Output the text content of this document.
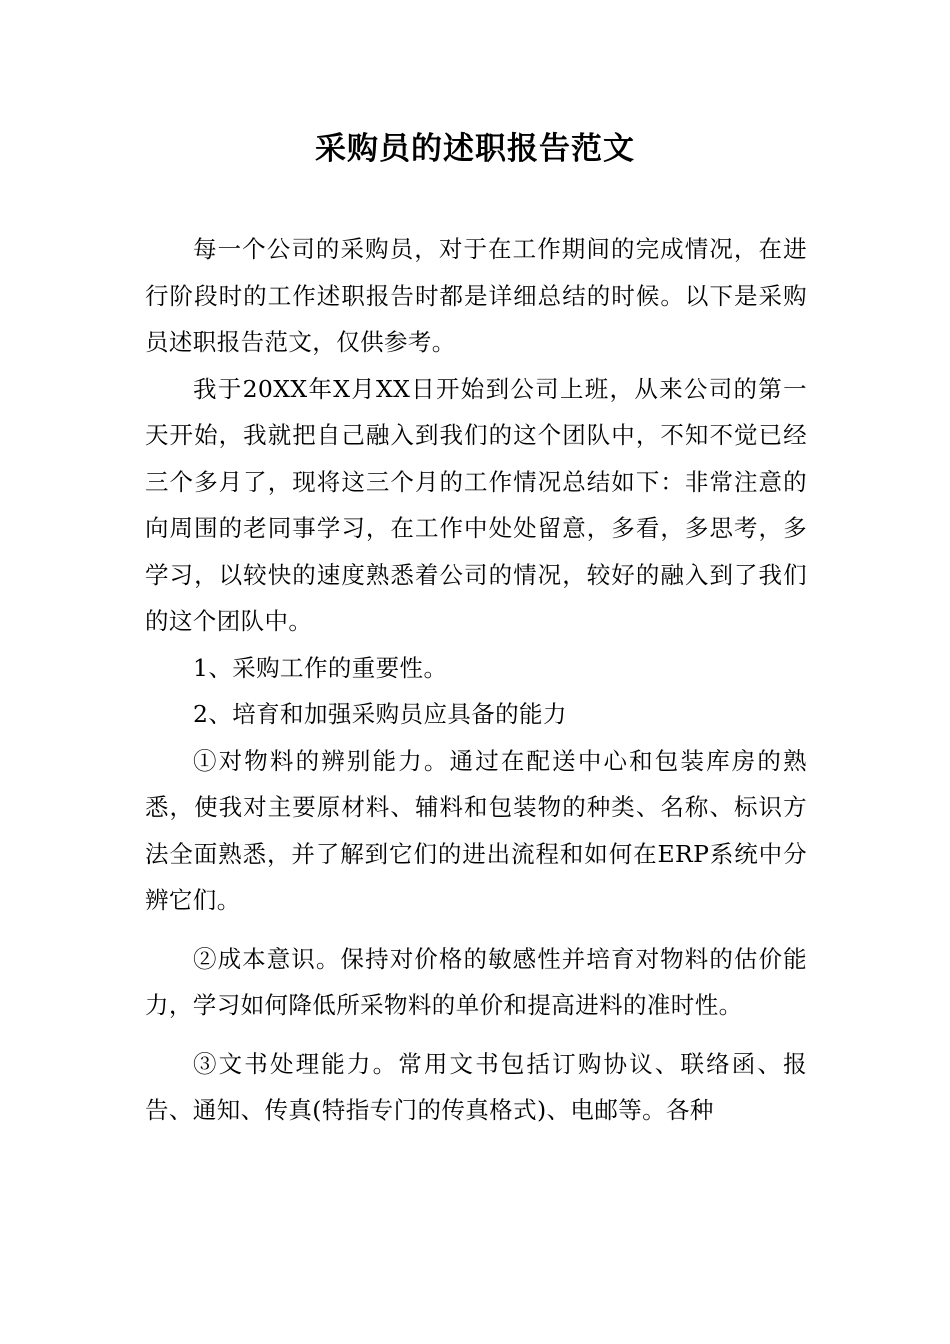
采购员的述职报告范文

每一个公司的采购员，对于在工作期间的完成情况，在进行阶段时的工作述职报告时都是详细总结的时候。以下是采购员述职报告范文，仅供参考。

我于20XX年X月XX日开始到公司上班，从来公司的第一天开始，我就把自己融入到我们的这个团队中，不知不觉已经三个多月了，现将这三个月的工作情况总结如下：非常注意的向周围的老同事学习，在工作中处处留意，多看，多思考，多学习，以较快的速度熟悉着公司的情况，较好的融入到了我们的这个团队中。

1、采购工作的重要性。

2、培育和加强采购员应具备的能力

①对物料的辨别能力。通过在配送中心和包装库房的熟悉，使我对主要原材料、辅料和包装物的种类、名称、标识方法全面熟悉，并了解到它们的进出流程和如何在ERP系统中分辨它们。

②成本意识。保持对价格的敏感性并培育对物料的估价能力，学习如何降低所采物料的单价和提高进料的准时性。

③文书处理能力。常用文书包括订购协议、联络函、报告、通知、传真(特指专门的传真格式)、电邮等。各种
